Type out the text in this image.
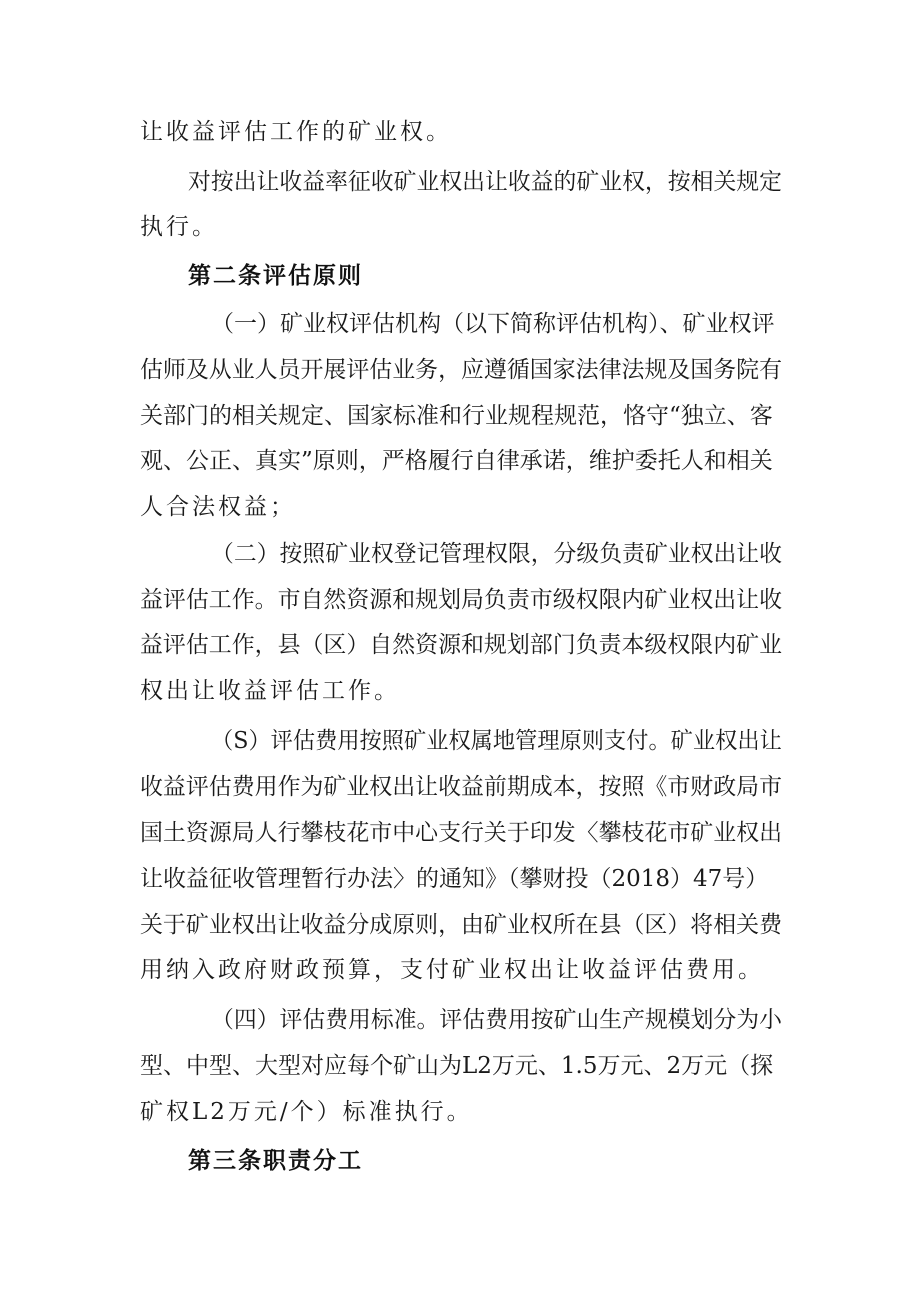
让收益评估工作的矿业权。
对按出让收益率征收矿业权出让收益的矿业权，按相关规定
执行。
第二条评估原则
（一）矿业权评估机构（以下简称评估机构）、矿业权评
估师及从业人员开展评估业务，应遵循国家法律法规及国务院有
关部门的相关规定、国家标准和行业规程规范，恪守“独立、客
观、公正、真实”原则，严格履行自律承诺，维护委托人和相关
人合法权益；
（二）按照矿业权登记管理权限，分级负责矿业权出让收
益评估工作。市自然资源和规划局负责市级权限内矿业权出让收
益评估工作，县（区）自然资源和规划部门负责本级权限内矿业
权出让收益评估工作。
（S）评估费用按照矿业权属地管理原则支付。矿业权出让
收益评估费用作为矿业权出让收益前期成本，按照《市财政局市
国土资源局人行攀枝花市中心支行关于印发〈攀枝花市矿业权出
让收益征收管理暂行办法〉的通知》（攀财投（2018）47号）
关于矿业权出让收益分成原则，由矿业权所在县（区）将相关费
用纳入政府财政预算，支付矿业权出让收益评估费用。
（四）评估费用标准。评估费用按矿山生产规模划分为小
型、中型、大型对应每个矿山为L2万元、1.5万元、2万元（探
矿权L2万元/个）标准执行。
第三条职责分工
